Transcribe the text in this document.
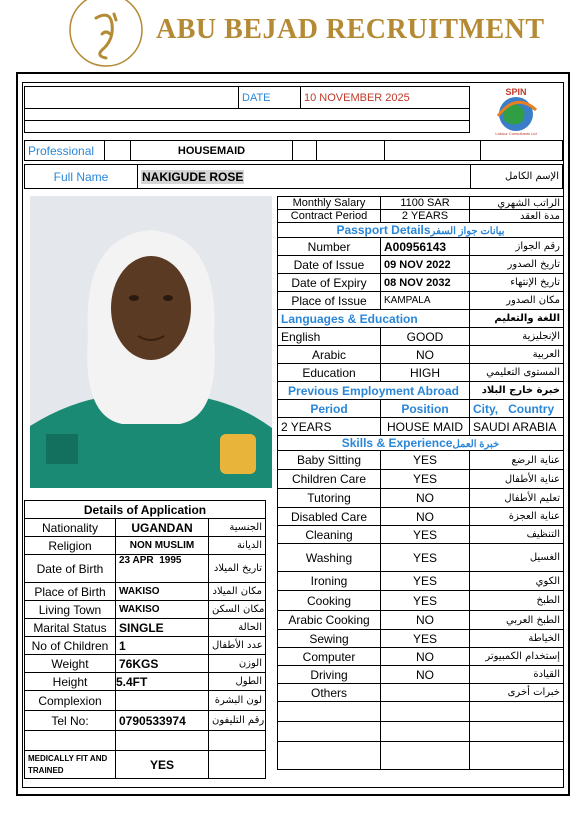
ABU BEJAD RECRUITMENT
	DATE	10 NOVEMBER 2025	SPIN
Labour Consultants Ltd
Professional		HOUSEMAID				
Full Name	NAKIGUDE ROSE	الإسم الكامل
Monthly Salary	1100 SAR	الراتب الشهري
Contract Period	2 YEARS	مدة العقد
Passport Detailsبيانات جواز السفر		
Number	A00956143	رقم الجواز
Date of Issue	09 NOV 2022	تاريخ الصدور
Date of Expiry	08 NOV 2032	تاريخ الإنتهاء
Place of Issue	KAMPALA	مكان الصدور
Languages & Education		اللغة والتعليم
English	GOOD	الإنجليزية
Arabic	NO	العربية
Education	HIGH	المستوى التعليمي
Previous Employment Abroad		خبرة خارج البلاد
Period	Position	City,   Country
2 YEARS	HOUSE MAID	SAUDI ARABIA
Skills & Experienceخبرة العمل		
Baby Sitting	YES	عناية الرضع
Children Care	YES	عناية الأطفال
Tutoring	NO	تعليم الأطفال
Disabled Care	NO	عناية العجزة
Cleaning	YES	التنظيف
Washing	YES	الغسيل
Ironing	YES	الكوي
Cooking	YES	الطبخ
Arabic Cooking	NO	الطبخ العربي
Sewing	YES	الخياطة
Computer	NO	إستخدام الكمبيوتر
Driving	NO	القيادة
Others		خبرات أخرى

Details of Application		
Nationality	UGANDAN	الجنسية
Religion	NON MUSLIM	الديانة
Date of Birth	23 APR  1995	تاريخ الميلاد
Place of Birth	WAKISO	مكان الميلاد
Living Town	WAKISO	مكان السكن
Marital Status	SINGLE	الحالة
No of Children	1	عدد الأطفال
Weight	76KGS	الوزن
Height	5.4FT	الطول
Complexion		لون البشرة
Tel No:	0790533974	رقم التليفون

MEDICALLY FIT AND TRAINED	YES	
